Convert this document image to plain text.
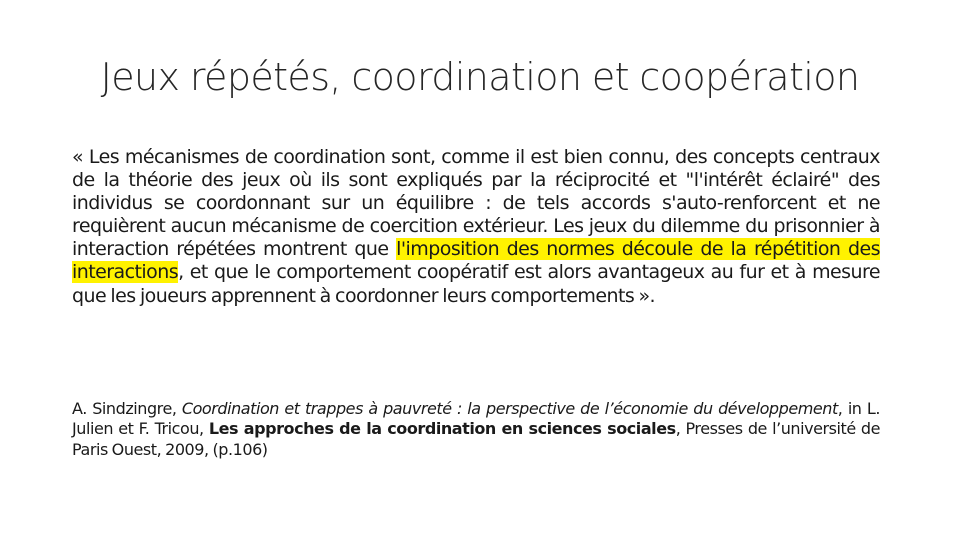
Jeux répétés, coordination et coopération
« Les mécanismes de coordination sont, comme il est bien connu, des concepts centraux de la théorie des jeux où ils sont expliqués par la réciprocité et "l'intérêt éclairé" des individus se coordonnant sur un équilibre : de tels accords s'auto-renforcent et ne requièrent aucun mécanisme de coercition extérieur. Les jeux du dilemme du prisonnier à interaction répétées montrent que l'imposition des normes découle de la répétition des interactions, et que le comportement coopératif est alors avantageux au fur et à mesure que les joueurs apprennent à coordonner leurs comportements ».
A. Sindzingre, Coordination et trappes à pauvreté : la perspective de l’économie du développement, in L. Julien et F. Tricou, Les approches de la coordination en sciences sociales, Presses de l’université de Paris Ouest, 2009, (p.106)
